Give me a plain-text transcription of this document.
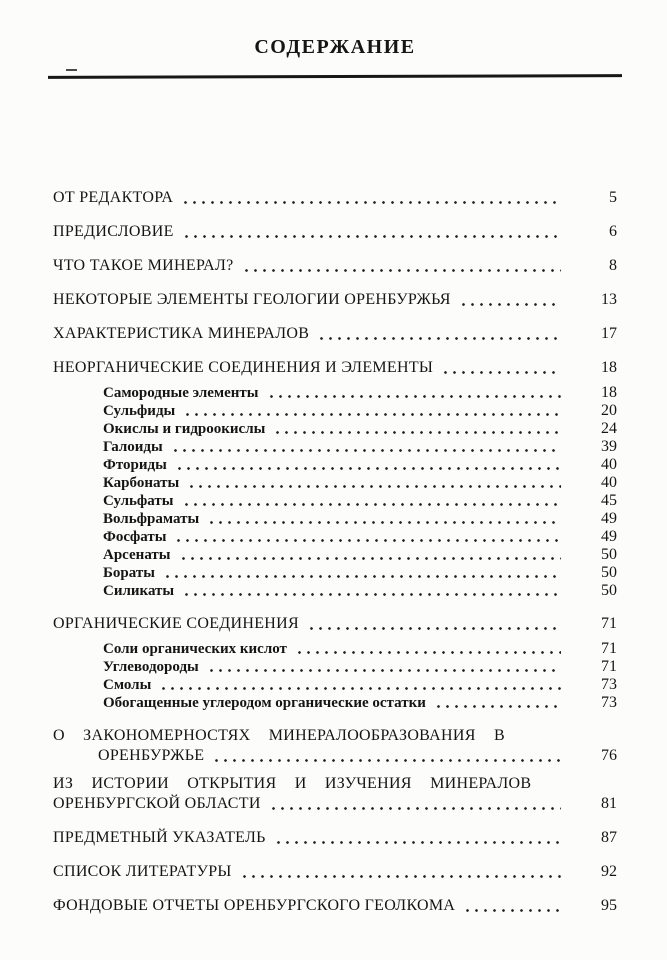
СОДЕРЖАНИЕ
ОТ РЕДАКТОРА	5
ПРЕДИСЛОВИЕ	6
ЧТО ТАКОЕ МИНЕРАЛ?	8
НЕКОТОРЫЕ ЭЛЕМЕНТЫ ГЕОЛОГИИ ОРЕНБУРЖЬЯ	13
ХАРАКТЕРИСТИКА МИНЕРАЛОВ	17
НЕОРГАНИЧЕСКИЕ СОЕДИНЕНИЯ И ЭЛЕМЕНТЫ	18
Самородные элементы	18
Сульфиды	20
Окислы и гидроокислы	24
Галоиды	39
Фториды	40
Карбонаты	40
Сульфаты	45
Вольфраматы	49
Фосфаты	49
Арсенаты	50
Бораты	50
Силикаты	50
ОРГАНИЧЕСКИЕ СОЕДИНЕНИЯ	71
Соли органических кислот	71
Углеводороды	71
Смолы	73
Обогащенные углеродом органические остатки	73
О ЗАКОНОМЕРНОСТЯХ МИНЕРАЛООБРАЗОВАНИЯ В
ОРЕНБУРЖЬЕ	76
ИЗ ИСТОРИИ ОТКРЫТИЯ И ИЗУЧЕНИЯ МИНЕРАЛОВ
ОРЕНБУРГСКОЙ ОБЛАСТИ	81
ПРЕДМЕТНЫЙ УКАЗАТЕЛЬ	87
СПИСОК ЛИТЕРАТУРЫ	92
ФОНДОВЫЕ ОТЧЕТЫ ОРЕНБУРГСКОГО ГЕОЛКОМА	95
